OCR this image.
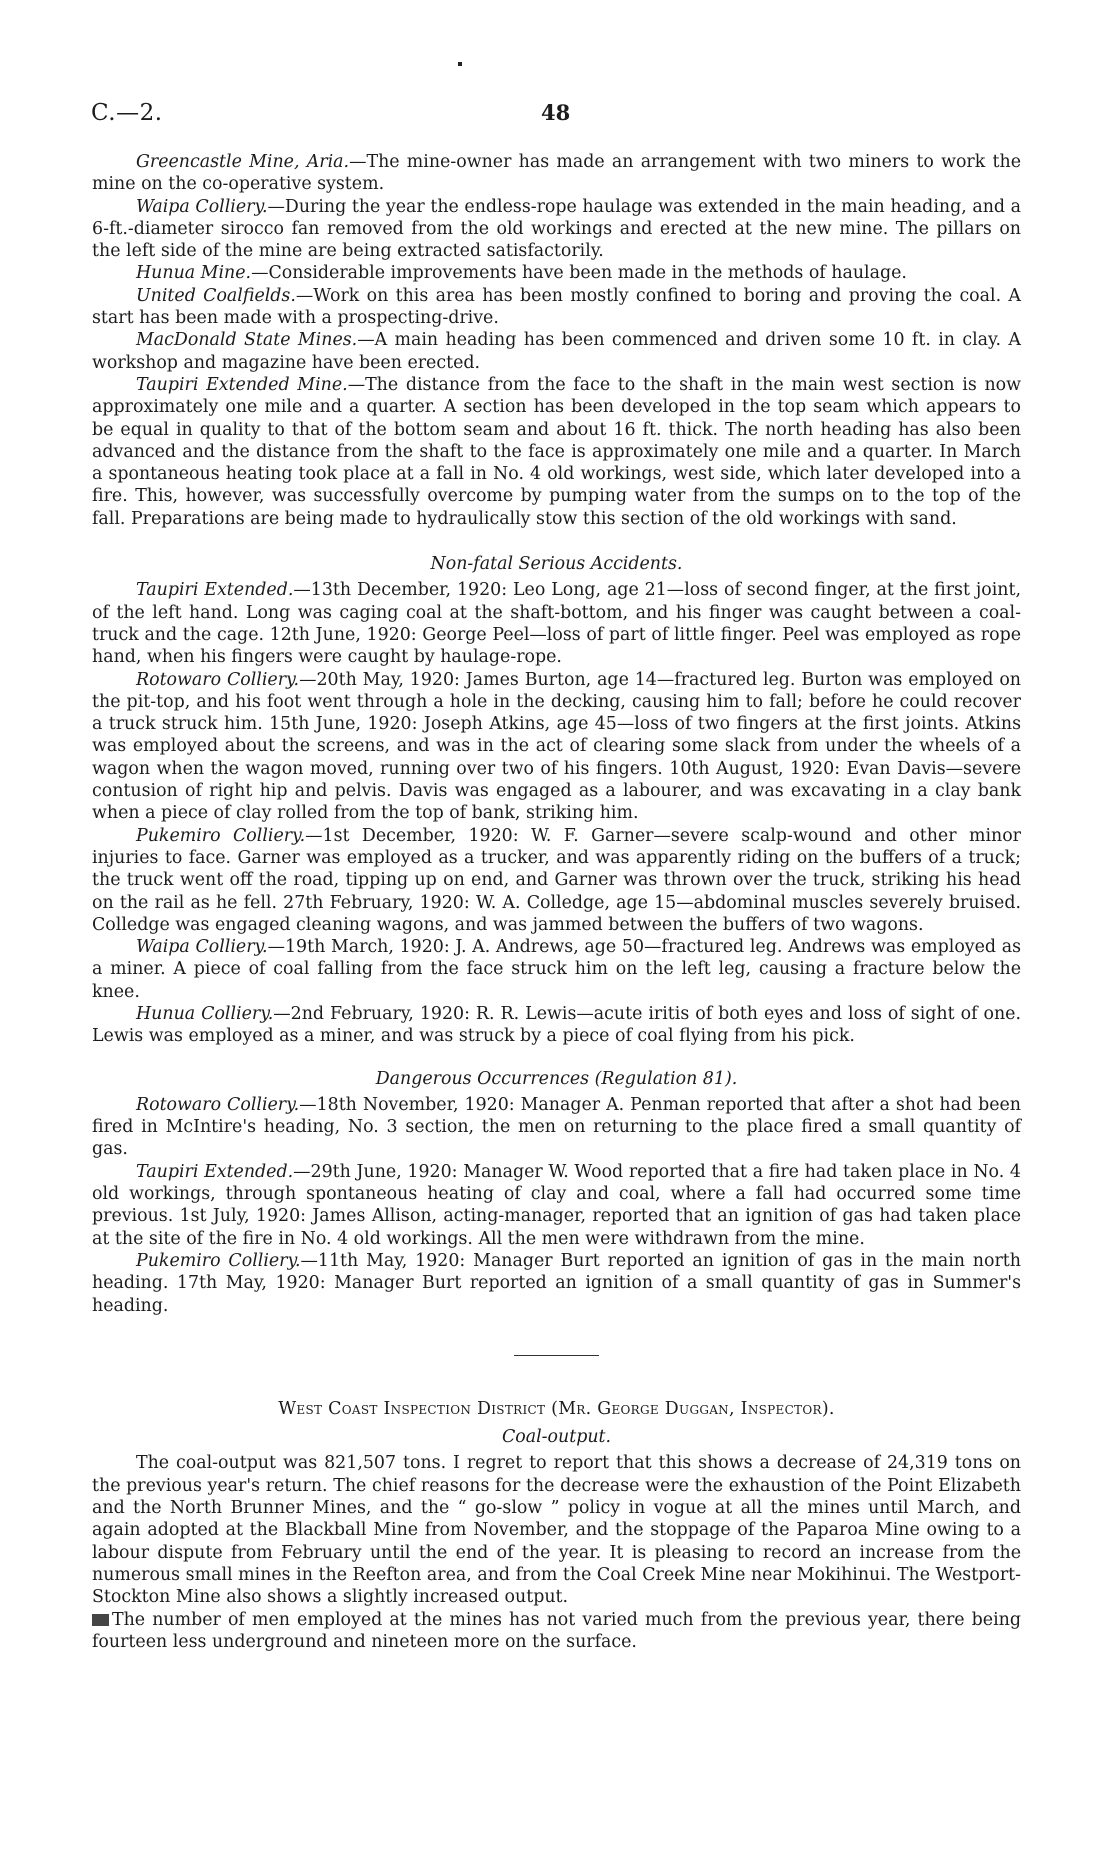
C.—2.	48

Greencastle Mine, Aria.—The mine-owner has made an arrangement with two miners to work the mine on the co-operative system.

Waipa Colliery.—During the year the endless-rope haulage was extended in the main heading, and a 6-ft.-diameter sirocco fan removed from the old workings and erected at the new mine. The pillars on the left side of the mine are being extracted satisfactorily.

Hunua Mine.—Considerable improvements have been made in the methods of haulage.

United Coalfields.—Work on this area has been mostly confined to boring and proving the coal. A start has been made with a prospecting-drive.

MacDonald State Mines.—A main heading has been commenced and driven some 10 ft. in clay. A workshop and magazine have been erected.

Taupiri Extended Mine.—The distance from the face to the shaft in the main west section is now approximately one mile and a quarter. A section has been developed in the top seam which appears to be equal in quality to that of the bottom seam and about 16 ft. thick. The north heading has also been advanced and the distance from the shaft to the face is approximately one mile and a quarter. In March a spontaneous heating took place at a fall in No. 4 old workings, west side, which later developed into a fire. This, however, was successfully overcome by pumping water from the sumps on to the top of the fall. Preparations are being made to hydraulically stow this section of the old workings with sand.

Non-fatal Serious Accidents.

Taupiri Extended.—13th December, 1920: Leo Long, age 21—loss of second finger, at the first joint, of the left hand. Long was caging coal at the shaft-bottom, and his finger was caught between a coal-truck and the cage. 12th June, 1920: George Peel—loss of part of little finger. Peel was employed as rope hand, when his fingers were caught by haulage-rope.

Rotowaro Colliery.—20th May, 1920: James Burton, age 14—fractured leg. Burton was employed on the pit-top, and his foot went through a hole in the decking, causing him to fall; before he could recover a truck struck him. 15th June, 1920: Joseph Atkins, age 45—loss of two fingers at the first joints. Atkins was employed about the screens, and was in the act of clearing some slack from under the wheels of a wagon when the wagon moved, running over two of his fingers. 10th August, 1920: Evan Davis—severe contusion of right hip and pelvis. Davis was engaged as a labourer, and was excavating in a clay bank when a piece of clay rolled from the top of bank, striking him.

Pukemiro Colliery.—1st December, 1920: W. F. Garner—severe scalp-wound and other minor injuries to face. Garner was employed as a trucker, and was apparently riding on the buffers of a truck; the truck went off the road, tipping up on end, and Garner was thrown over the truck, striking his head on the rail as he fell. 27th February, 1920: W. A. Colledge, age 15—abdominal muscles severely bruised. Colledge was engaged cleaning wagons, and was jammed between the buffers of two wagons.

Waipa Colliery.—19th March, 1920: J. A. Andrews, age 50—fractured leg. Andrews was employed as a miner. A piece of coal falling from the face struck him on the left leg, causing a fracture below the knee.

Hunua Colliery.—2nd February, 1920: R. R. Lewis—acute iritis of both eyes and loss of sight of one. Lewis was employed as a miner, and was struck by a piece of coal flying from his pick.

Dangerous Occurrences (Regulation 81).

Rotowaro Colliery.—18th November, 1920: Manager A. Penman reported that after a shot had been fired in McIntire's heading, No. 3 section, the men on returning to the place fired a small quantity of gas.

Taupiri Extended.—29th June, 1920: Manager W. Wood reported that a fire had taken place in No. 4 old workings, through spontaneous heating of clay and coal, where a fall had occurred some time previous. 1st July, 1920: James Allison, acting-manager, reported that an ignition of gas had taken place at the site of the fire in No. 4 old workings. All the men were withdrawn from the mine.

Pukemiro Colliery.—11th May, 1920: Manager Burt reported an ignition of gas in the main north heading. 17th May, 1920: Manager Burt reported an ignition of a small quantity of gas in Summer's heading.

West Coast Inspection District (Mr. George Duggan, Inspector).

Coal-output.

The coal-output was 821,507 tons. I regret to report that this shows a decrease of 24,319 tons on the previous year's return. The chief reasons for the decrease were the exhaustion of the Point Elizabeth and the North Brunner Mines, and the “ go-slow ” policy in vogue at all the mines until March, and again adopted at the Blackball Mine from November, and the stoppage of the Paparoa Mine owing to a labour dispute from February until the end of the year. It is pleasing to record an increase from the numerous small mines in the Reefton area, and from the Coal Creek Mine near Mokihinui. The Westport-Stockton Mine also shows a slightly increased output.

The number of men employed at the mines has not varied much from the previous year, there being fourteen less underground and nineteen more on the surface.
